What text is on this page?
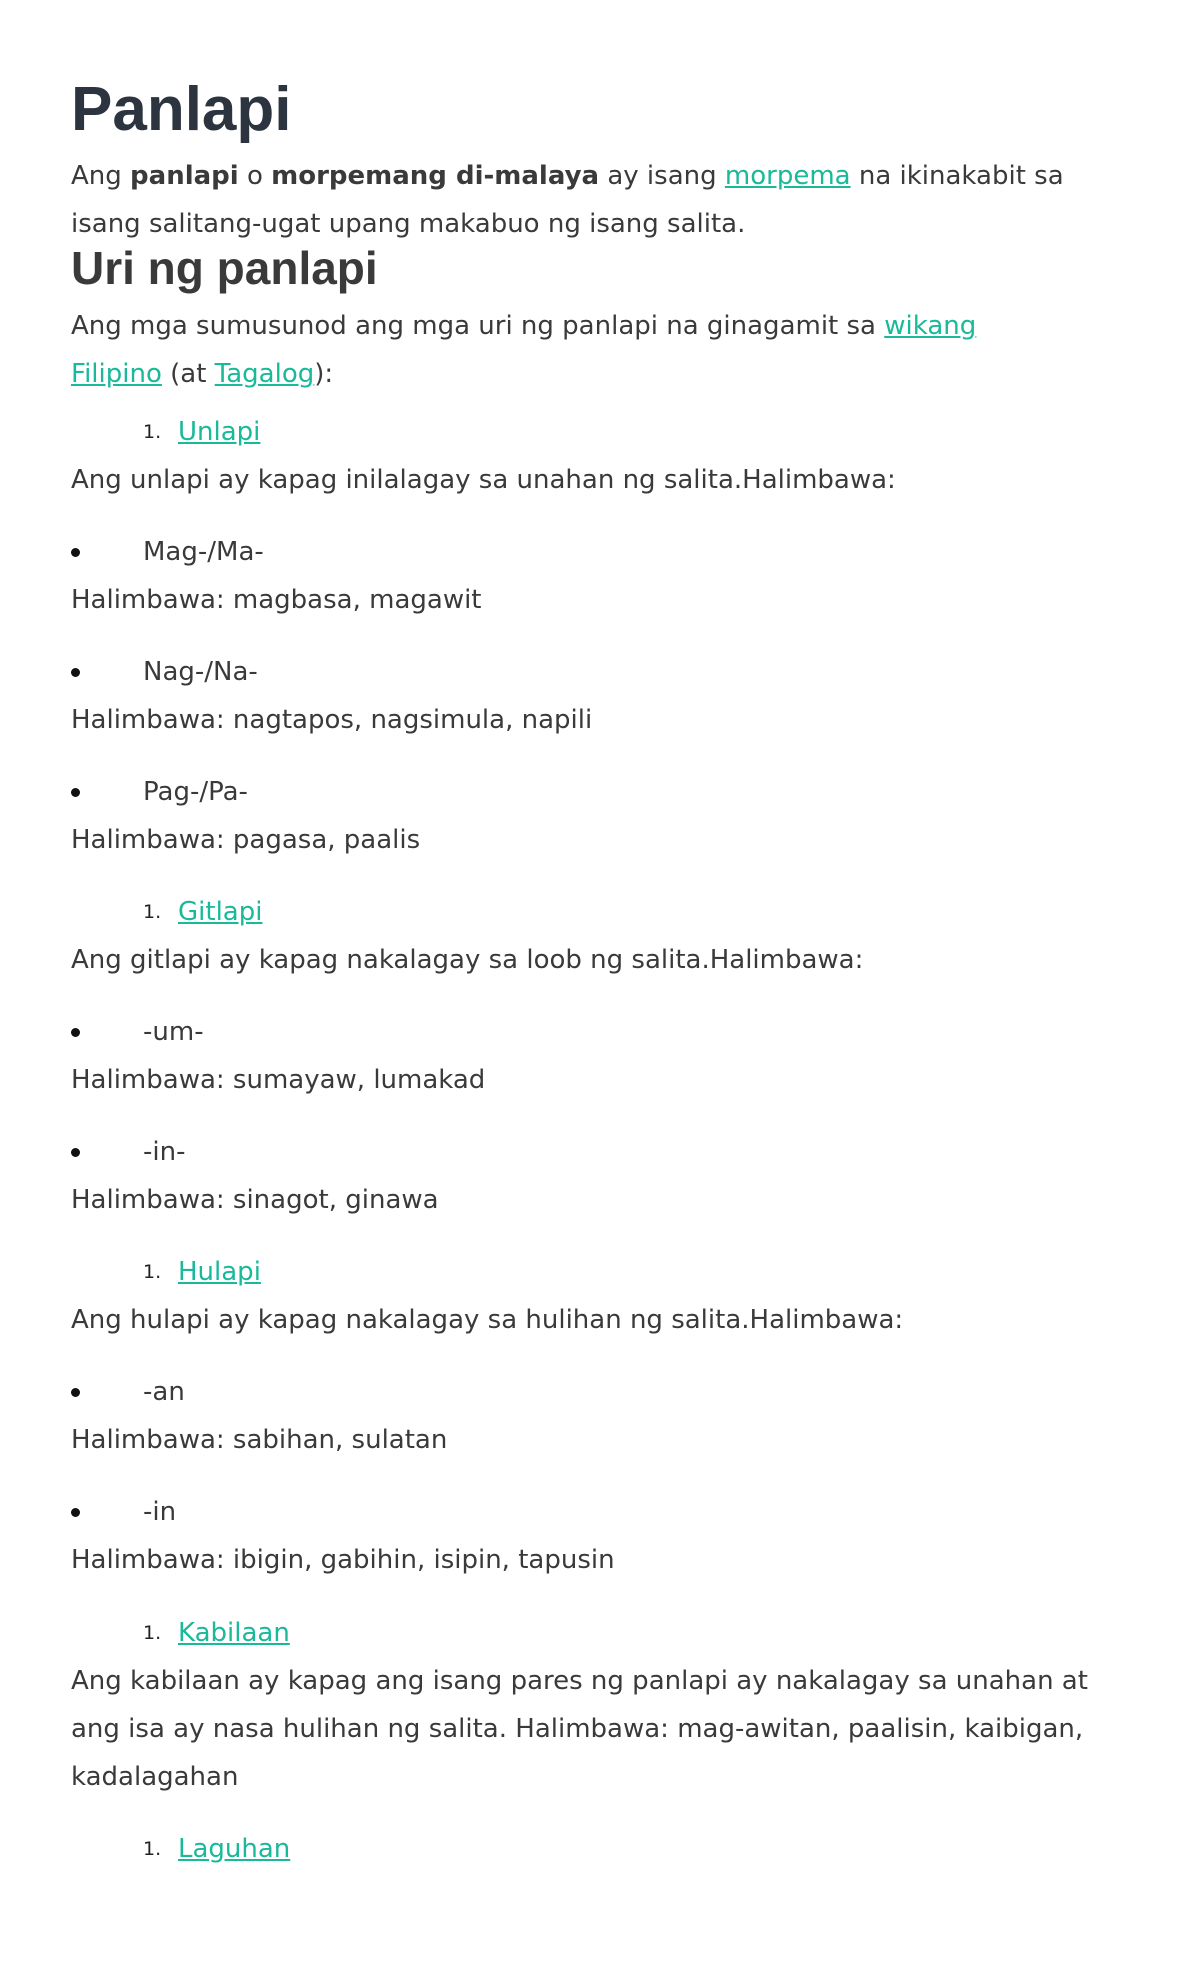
Panlapi

Ang panlapi o morpemang di-malaya ay isang morpema na ikinakabit sa

isang salitang-ugat upang makabuo ng isang salita.

Uri ng panlapi

Ang mga sumusunod ang mga uri ng panlapi na ginagamit sa wikang

Filipino (at Tagalog):

1. Unlapi

Ang unlapi ay kapag inilalagay sa unahan ng salita.Halimbawa:

Mag-/Ma-

Halimbawa: magbasa, magawit

Nag-/Na-

Halimbawa: nagtapos, nagsimula, napili

Pag-/Pa-

Halimbawa: pagasa, paalis

1. Gitlapi

Ang gitlapi ay kapag nakalagay sa loob ng salita.Halimbawa:

-um-

Halimbawa: sumayaw, lumakad

-in-

Halimbawa: sinagot, ginawa

1. Hulapi

Ang hulapi ay kapag nakalagay sa hulihan ng salita.Halimbawa:

-an

Halimbawa: sabihan, sulatan

-in

Halimbawa: ibigin, gabihin, isipin, tapusin

1. Kabilaan

Ang kabilaan ay kapag ang isang pares ng panlapi ay nakalagay sa unahan at

ang isa ay nasa hulihan ng salita. Halimbawa: mag-awitan, paalisin, kaibigan,

kadalagahan

1. Laguhan
